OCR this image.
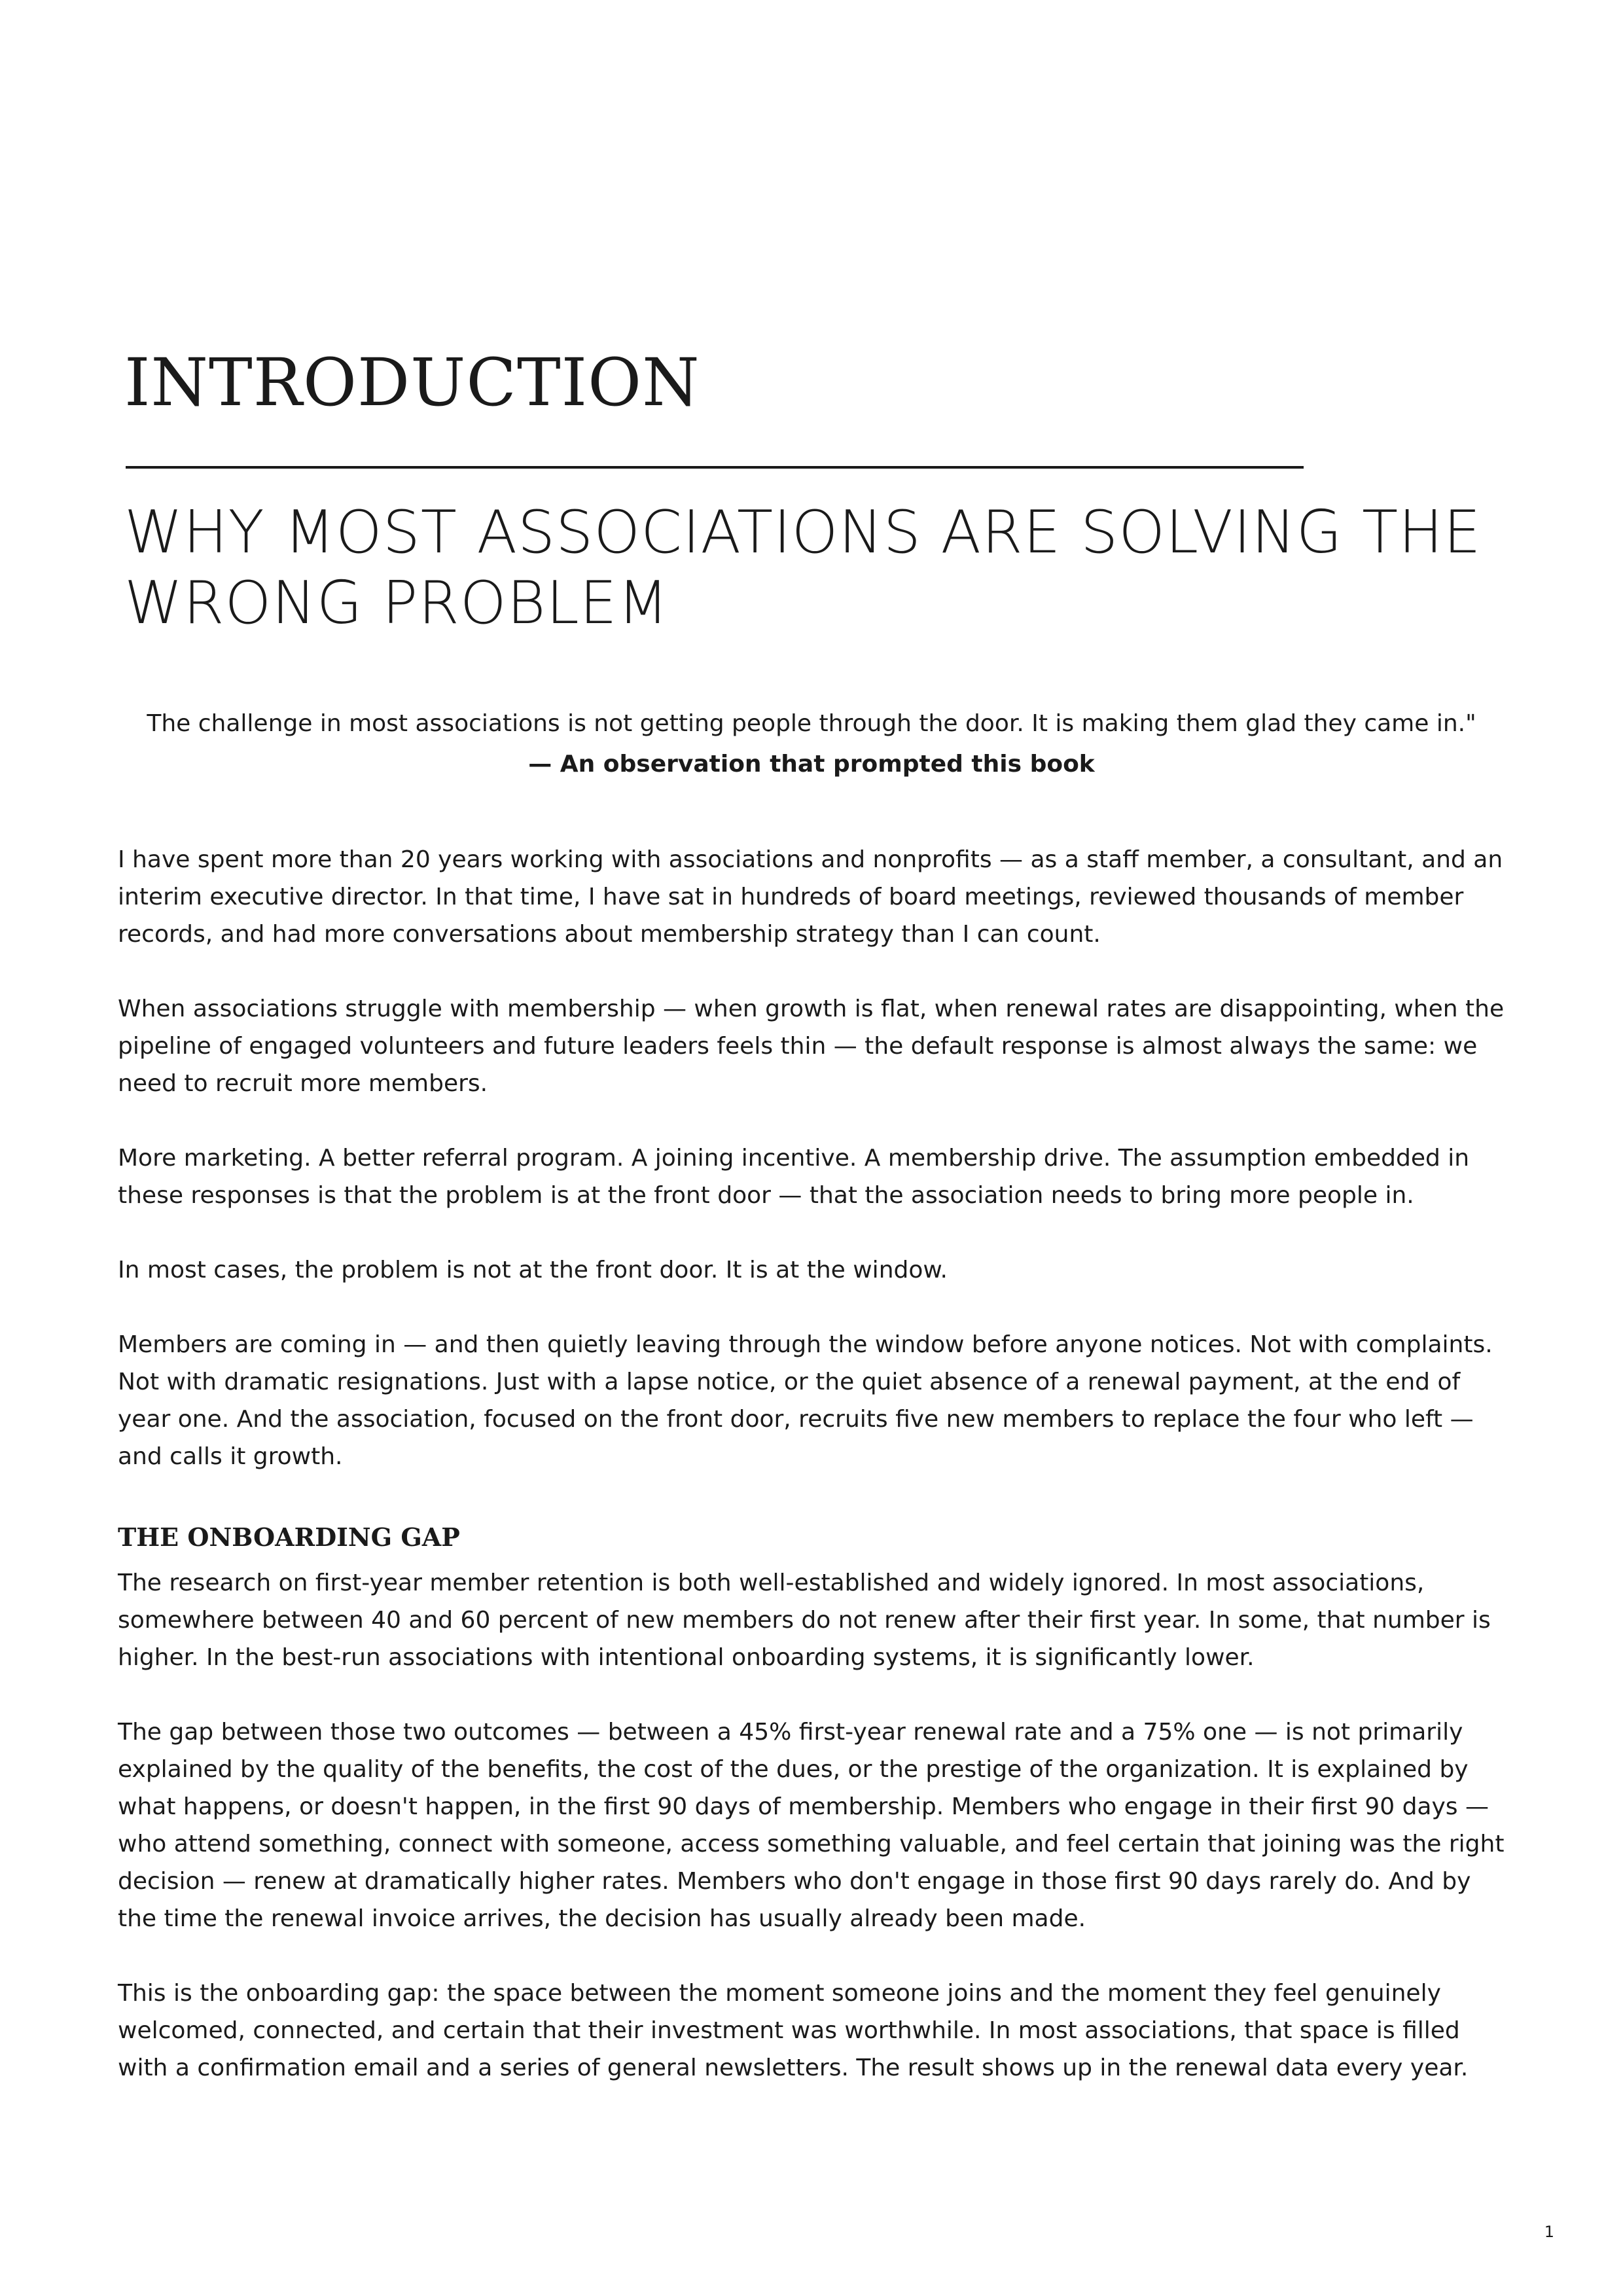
INTRODUCTION
WHY MOST ASSOCIATIONS ARE SOLVING THE WRONG PROBLEM
The challenge in most associations is not getting people through the door. It is making them glad they came in."
— An observation that prompted this book

I have spent more than 20 years working with associations and nonprofits — as a staff member, a consultant, and an interim executive director. In that time, I have sat in hundreds of board meetings, reviewed thousands of member records, and had more conversations about membership strategy than I can count.

When associations struggle with membership — when growth is flat, when renewal rates are disappointing, when the pipeline of engaged volunteers and future leaders feels thin — the default response is almost always the same: we need to recruit more members.

More marketing. A better referral program. A joining incentive. A membership drive. The assumption embedded in these responses is that the problem is at the front door — that the association needs to bring more people in.

In most cases, the problem is not at the front door. It is at the window.

Members are coming in — and then quietly leaving through the window before anyone notices. Not with complaints. Not with dramatic resignations. Just with a lapse notice, or the quiet absence of a renewal payment, at the end of year one. And the association, focused on the front door, recruits five new members to replace the four who left — and calls it growth.

THE ONBOARDING GAP

The research on first-year member retention is both well-established and widely ignored. In most associations, somewhere between 40 and 60 percent of new members do not renew after their first year. In some, that number is higher. In the best-run associations with intentional onboarding systems, it is significantly lower.

The gap between those two outcomes — between a 45% first-year renewal rate and a 75% one — is not primarily explained by the quality of the benefits, the cost of the dues, or the prestige of the organization. It is explained by what happens, or doesn't happen, in the first 90 days of membership. Members who engage in their first 90 days — who attend something, connect with someone, access something valuable, and feel certain that joining was the right decision — renew at dramatically higher rates. Members who don't engage in those first 90 days rarely do. And by the time the renewal invoice arrives, the decision has usually already been made.

This is the onboarding gap: the space between the moment someone joins and the moment they feel genuinely welcomed, connected, and certain that their investment was worthwhile. In most associations, that space is filled with a confirmation email and a series of general newsletters. The result shows up in the renewal data every year.

1
